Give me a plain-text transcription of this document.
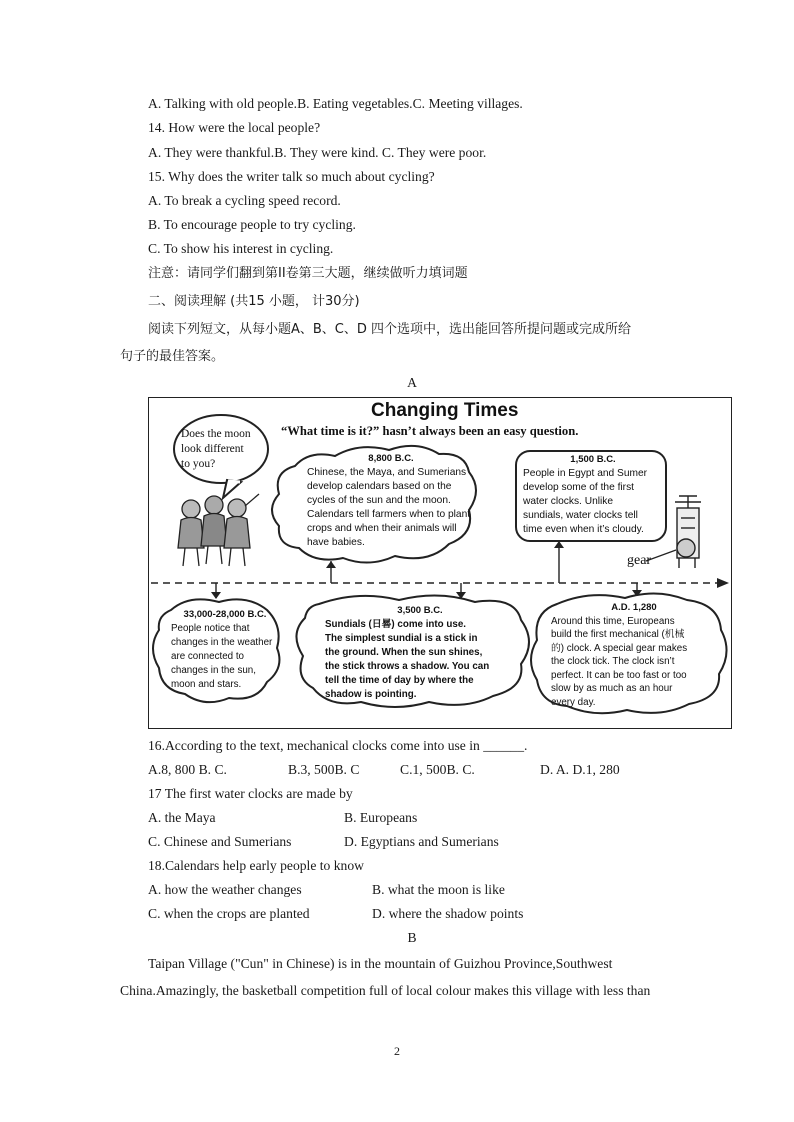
A. Talking with old people.B. Eating vegetables.C. Meeting villages.
14. How were the local people?
A. They were thankful.B. They were kind. C. They were poor.
15. Why does the writer talk so much about cycling?
A. To break a cycling speed record.
B. To encourage people to try cycling.
C. To show his interest in cycling.
注意：请同学们翻到第II卷第三大题，继续做听力填词题
二、阅读理解 (共15 小题， 计30分)
阅读下列短文，从每小题A、B、C、D 四个选项中，选出能回答所提问题或完成所给
句子的最佳答案。
A
Changing Times
“What time is it?” hasn’t always been an easy question.
Does the moon
look different
to you?	8,800 B.C.
Chinese, the Maya, and Sumerians
develop calendars based on the
cycles of the sun and the moon.
Calendars tell farmers when to plant
crops and when their animals will
have babies.
1,500 B.C.
People in Egypt and Sumer
develop some of the first
water clocks. Unlike
sundials, water clocks tell
time even when it’s cloudy.
gear
33,000-28,000 B.C.
People notice that
changes in the weather
are connected to
changes in the sun,
moon and stars.
3,500 B.C.
Sundials (日晷) come into use.
The simplest sundial is a stick in
the ground. When the sun shines,
the stick throws a shadow. You can
tell the time of day by where the
shadow is pointing.
A.D. 1,280
Around this time, Europeans
build the first mechanical (机械
的) clock. A special gear makes
the clock tick. The clock isn’t
perfect. It can be too fast or too
slow by as much as an hour
every day.
16.According to the text, mechanical clocks come into use in ______.
A.8, 800 B. C.	B.3, 500B. C	C.1, 500B. C.	D. A. D.1, 280
17 The first water clocks are made by
A. the Maya	B. Europeans
C. Chinese and Sumerians	D. Egyptians and Sumerians
18.Calendars help early people to know
A. how the weather changes	B. what the moon is like
C. when the crops are planted	D. where the shadow points
B
Taipan Village ("Cun" in Chinese) is in the mountain of Guizhou Province,Southwest
China.Amazingly, the basketball competition full of local colour makes this village with less than
2
